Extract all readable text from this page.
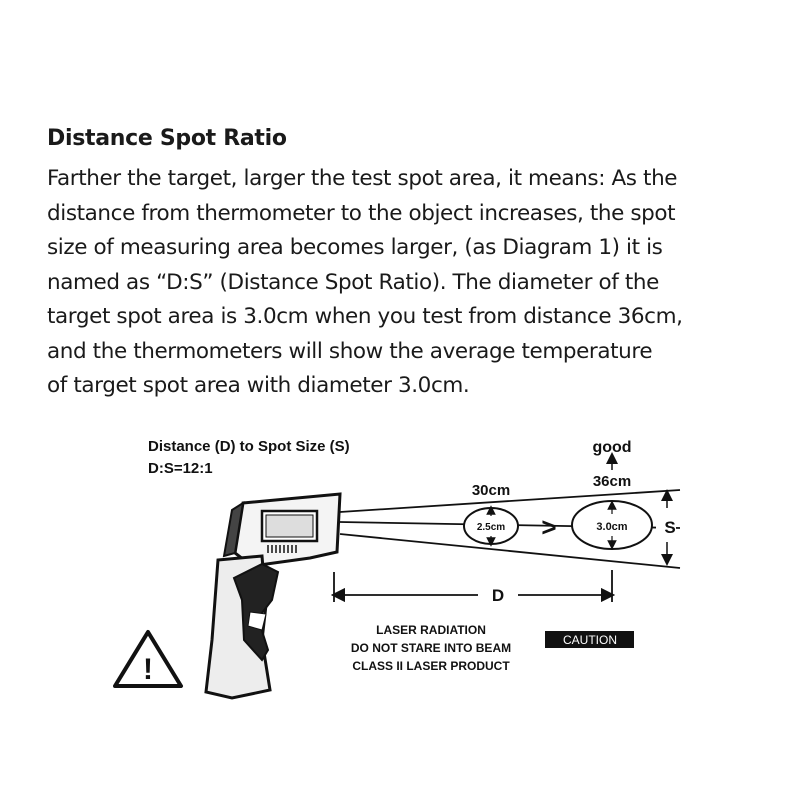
Distance Spot Ratio

Farther the target, larger the test spot area, it means: As the
distance from thermometer to the object increases, the spot
size of measuring area becomes larger, (as Diagram 1) it is
named as “D:S” (Distance Spot Ratio). The diameter of the
target spot area is 3.0cm when you test from distance 36cm,
and the thermometers will show the average temperature
of target spot area with diameter 3.0cm.

Distance (D) to Spot Size (S)
D:S=12:1
30cm
36cm
good
2.5cm >	3.0cm S
D
LASER RADIATION
DO NOT STARE INTO BEAM
CLASS II LASER PRODUCT
CAUTION
!
